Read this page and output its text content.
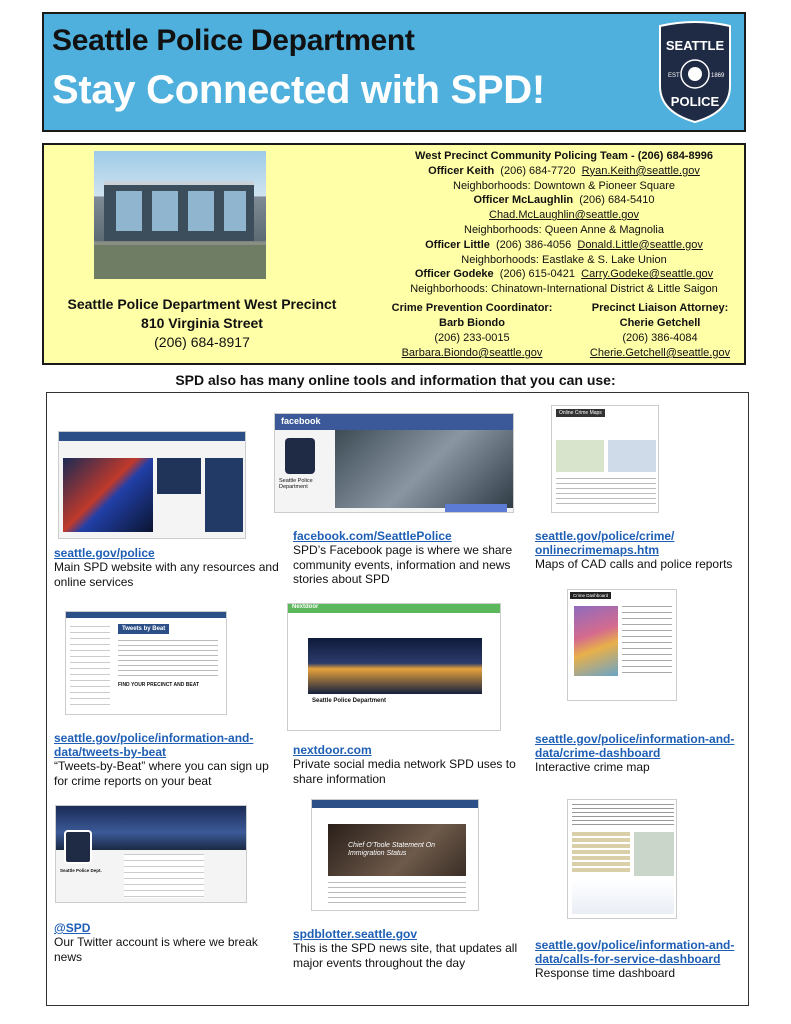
Seattle Police Department
Stay Connected with SPD!
SEATTLE
EST	1869
POLICE
Seattle Police Department West Precinct
810 Virginia Street
(206) 684-8917
West Precinct Community Policing Team - (206) 684-8996
Officer Keith (206) 684-7720 Ryan.Keith@seattle.gov
Neighborhoods: Downtown & Pioneer Square
Officer McLaughlin (206) 684-5410
Chad.McLaughlin@seattle.gov
Neighborhoods: Queen Anne & Magnolia
Officer Little (206) 386-4056 Donald.Little@seattle.gov
Neighborhoods: Eastlake & S. Lake Union
Officer Godeke (206) 615-0421 Carry.Godeke@seattle.gov
Neighborhoods: Chinatown-International District & Little Saigon
Crime Prevention Coordinator:
Barb Biondo
(206) 233-0015
Barbara.Biondo@seattle.gov
Precinct Liaison Attorney:
Cherie Getchell
(206) 386-4084
Cherie.Getchell@seattle.gov
SPD also has many online tools and information that you can use:
seattle.gov/police
Main SPD website with any resources and online services
facebook
Seattle Police Department
facebook.com/SeattlePolice
SPD’s Facebook page is where we share community events, information and news stories about SPD
Online Crime Maps
seattle.gov/police/crime/ onlinecrimemaps.htm
Maps of CAD calls and police reports
Tweets by Beat
FIND YOUR PRECINCT AND BEAT
seattle.gov/police/information-and-data/tweets-by-beat
“Tweets-by-Beat” where you can sign up for crime reports on your beat
Nextdoor
Seattle Police Department
nextdoor.com
Private social media network SPD uses to share information
Crime Dashboard
seattle.gov/police/information-and-data/crime-dashboard
Interactive crime map
Seattle Police Dept.
@SPD
Our Twitter account is where we break news
Chief O'Toole Statement On Immigration Status
spdblotter.seattle.gov
This is the SPD news site, that updates all major events throughout the day
seattle.gov/police/information-and-data/calls-for-service-dashboard
Response time dashboard
